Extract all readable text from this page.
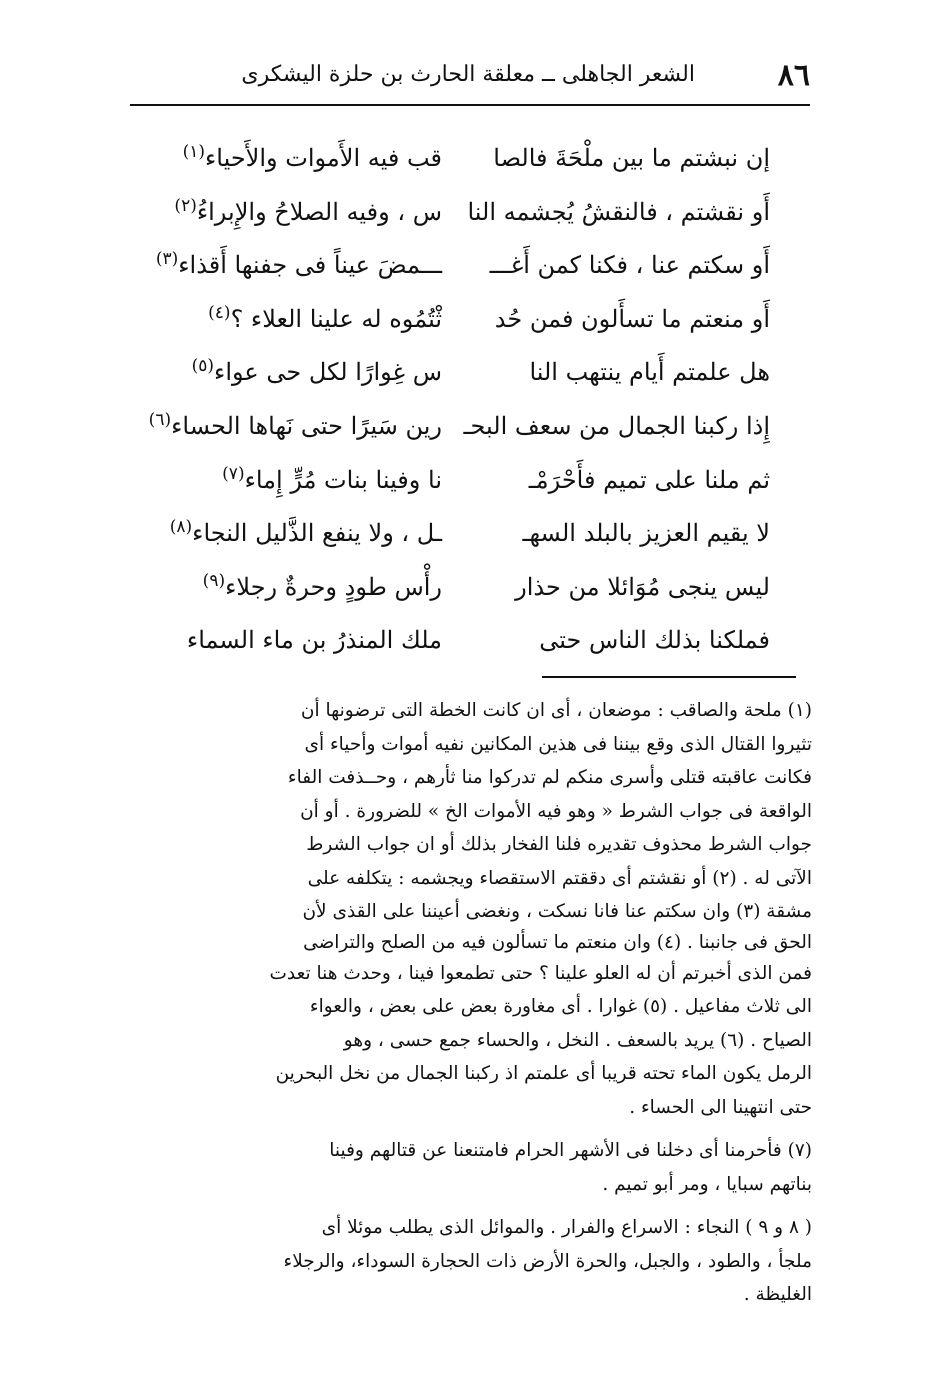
٨٦
الشعر الجاهلى ــ معلقة الحارث بن حلزة اليشكرى
إن نبشتم ما بين ملْحَةَ فالصا
قب فيه الأَموات والأَحياء$^{(١)}$
أَو نقشتم ، فالنقشُ يُجشمه النا
س ، وفيه الصلاحُ والإِبراءُ$^{(٢)}$
أَو سكتم عنا ، فكنا كمن أَغـــ
ـــمضَ عيناً فى جفنها أَقذاء$^{(٣)}$
أَو منعتم ما تسأَلون فمن حُد
ثْتُمُوه له علينا العلاء ؟$^{(٤)}$
هل علمتم أَيام ينتهب النا
س غِوارًا لكل حى عواء$^{(٥)}$
إِذا ركبنا الجمال من سعف البحـ
رين سَيرًا حتى نَهاها الحساء$^{(٦)}$
ثم ملنا على تميم فأَحْرَمْـ
نا وفينا بنات مُرٍّ إِماء$^{(٧)}$
لا يقيم العزيز بالبلد السهـ
ـل ، ولا ينفع الذَّليل النجاء$^{(٨)}$
ليس ينجى مُوَائلا من حذار
رأْس طودٍ وحرةٌ رجلاء$^{(٩)}$
فملكنا بذلك الناس حتى
ملك المنذرُ بن ماء السماء
(١) ملحة والصاقب : موضعان ، أى ان كانت الخطة التى ترضونها أن
تثيروا القتال الذى وقع بيننا فى هذين المكانين نفيه أموات وأحياء أى
فكانت عاقبته قتلى وأسرى منكم لم تدركوا منا ثأرهم ، وحــذفت الفاء
الواقعة فى جواب الشرط « وهو فيه الأموات الخ » للضرورة . أو أن
جواب الشرط محذوف تقديره فلنا الفخار بذلك أو ان جواب الشرط
الآتى له . (٢) أو نقشتم أى دققتم الاستقصاء ويجشمه : يتكلفه على
مشقة (٣) وان سكتم عنا فانا نسكت ، ونغضى أعيننا على القذى لأن
الحق فى جانبنا . (٤) وان منعتم ما تسألون فيه من الصلح والتراضى
فمن الذى أخبرتم أن له العلو علينا ؟ حتى تطمعوا فينا ، وحدث هنا تعدت
الى ثلاث مفاعيل . (٥) غوارا . أى مغاورة بعض على بعض ، والعواء
الصياح . (٦) يريد بالسعف . النخل ، والحساء جمع حسى ، وهو
الرمل يكون الماء تحته قريبا أى علمتم اذ ركبنا الجمال من نخل البحرين
حتى انتهينا الى الحساء .
(٧) فأحرمنا أى دخلنا فى الأشهر الحرام فامتنعنا عن قتالهم وفينا
بناتهم سبايا ، ومر أبو تميم .
( ٨ و ٩ ) النجاء : الاسراع والفرار . والموائل الذى يطلب موئلا أى
ملجأ ، والطود ، والجبل، والحرة الأرض ذات الحجارة السوداء، والرجلاء
الغليظة .
